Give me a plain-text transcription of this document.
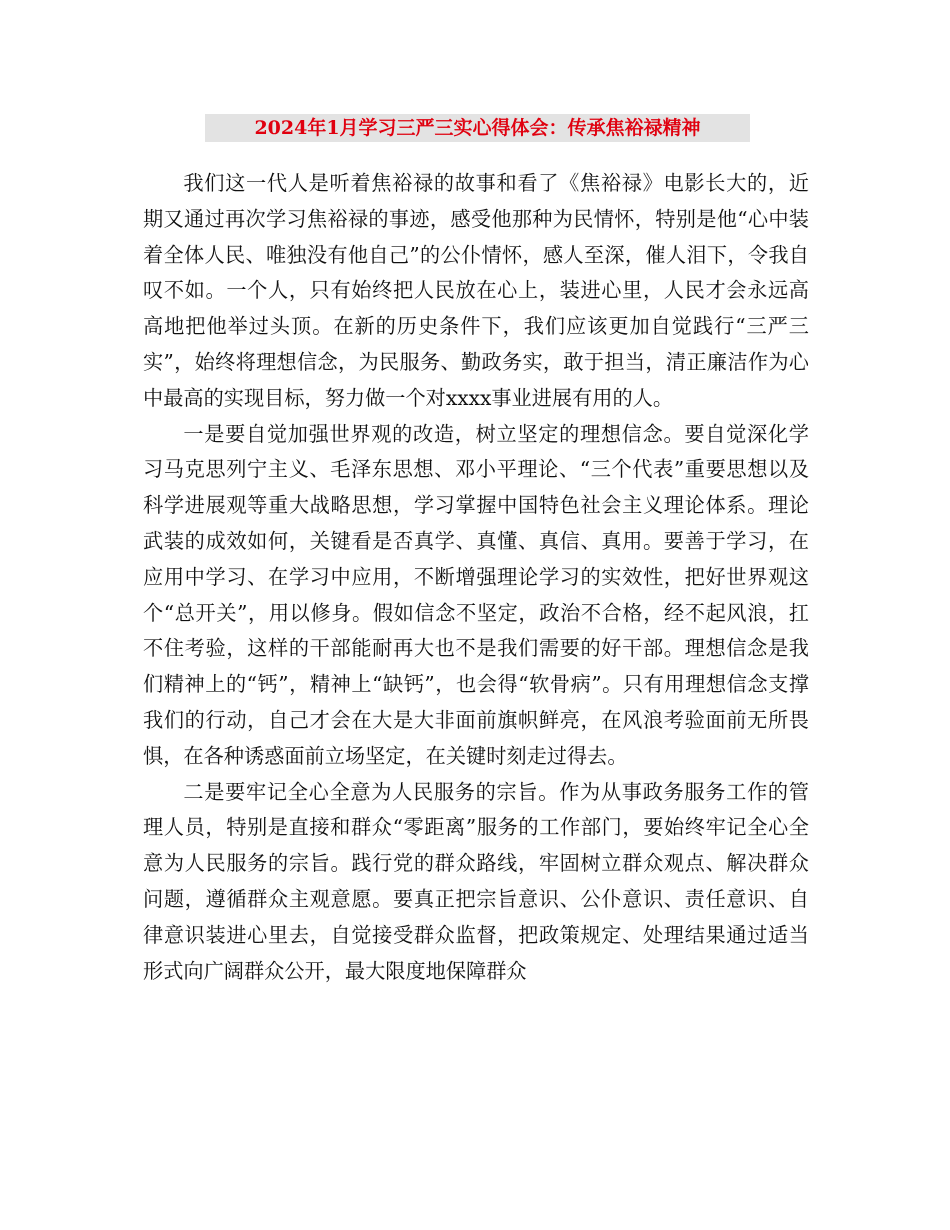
2024年1月学习三严三实心得体会：传承焦裕禄精神

我们这一代人是听着焦裕禄的故事和看了《焦裕禄》电影长大的，近期又通过再次学习焦裕禄的事迹，感受他那种为民情怀，特别是他“心中装着全体人民、唯独没有他自己”的公仆情怀，感人至深，催人泪下，令我自叹不如。一个人，只有始终把人民放在心上，装进心里，人民才会永远高高地把他举过头顶。在新的历史条件下，我们应该更加自觉践行“三严三实”，始终将理想信念，为民服务、勤政务实，敢于担当，清正廉洁作为心中最高的实现目标，努力做一个对xxxx事业进展有用的人。

一是要自觉加强世界观的改造，树立坚定的理想信念。要自觉深化学习马克思列宁主义、毛泽东思想、邓小平理论、“三个代表”重要思想以及科学进展观等重大战略思想，学习掌握中国特色社会主义理论体系。理论武装的成效如何，关键看是否真学、真懂、真信、真用。要善于学习，在应用中学习、在学习中应用，不断增强理论学习的实效性，把好世界观这个“总开关”，用以修身。假如信念不坚定，政治不合格，经不起风浪，扛不住考验，这样的干部能耐再大也不是我们需要的好干部。理想信念是我们精神上的“钙”，精神上“缺钙”，也会得“软骨病”。只有用理想信念支撑我们的行动，自己才会在大是大非面前旗帜鲜亮，在风浪考验面前无所畏惧，在各种诱惑面前立场坚定，在关键时刻走过得去。

二是要牢记全心全意为人民服务的宗旨。作为从事政务服务工作的管理人员，特别是直接和群众“零距离”服务的工作部门，要始终牢记全心全意为人民服务的宗旨。践行党的群众路线，牢固树立群众观点、解决群众问题，遵循群众主观意愿。要真正把宗旨意识、公仆意识、责任意识、自律意识装进心里去，自觉接受群众监督，把政策规定、处理结果通过适当形式向广阔群众公开，最大限度地保障群众
